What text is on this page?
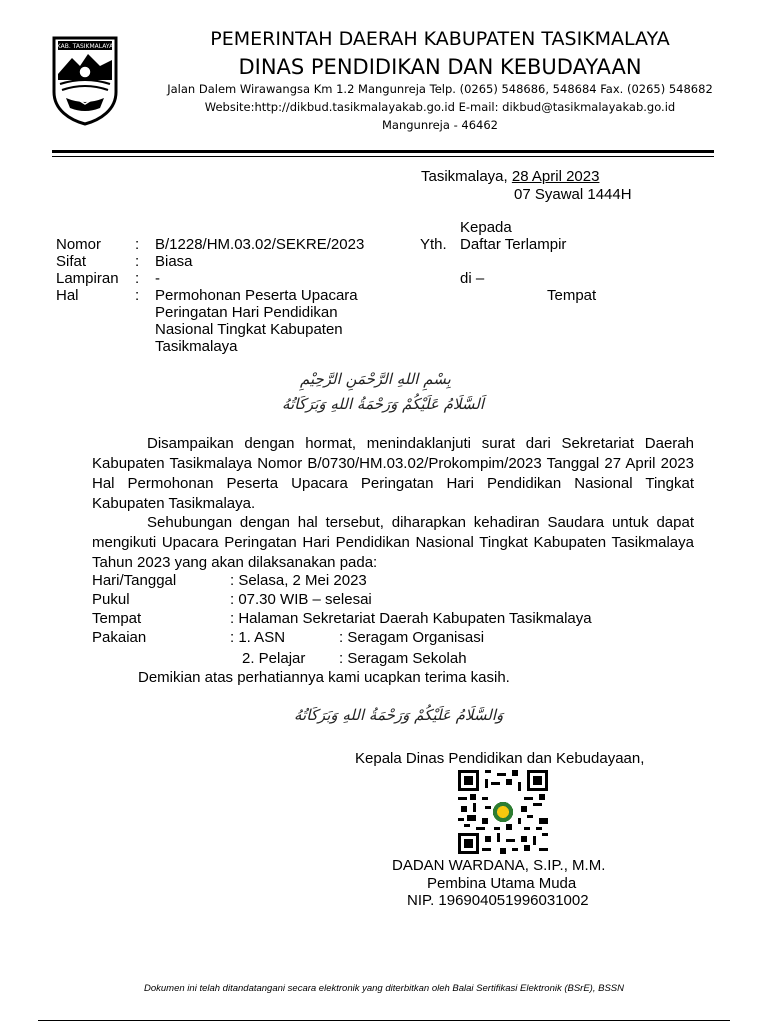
KAB. TASIKMALAYA	PEMERINTAH DAERAH KABUPATEN TASIKMALAYA
DINAS PENDIDIKAN DAN KEBUDAYAAN
Jalan Dalem Wirawangsa Km 1.2 Mangunreja Telp. (0265) 548686, 548684 Fax. (0265) 548682
Website:http://dikbud.tasikmalayakab.go.id E-mail: dikbud@tasikmalayakab.go.id
Mangunreja - 46462
Tasikmalaya, 28 April 2023
07 Syawal 1444H
Kepada
Yth. Daftar Terlampir
di –
Tempat
Nomor : B/1228/HM.03.02/SEKRE/2023
Sifat	: Biasa
Lampiran : -
Hal	: Permohonan Peserta Upacara
Peringatan Hari Pendidikan
Nasional Tingkat Kabupaten
Tasikmalaya
بِسْمِ اللهِ الرَّحْمَنِ الرَّحِيْمِ
اَلسَّلَامُ عَلَيْكُمْ وَرَحْمَةُ اللهِ وَبَرَكَاتُهُ
Disampaikan dengan hormat, menindaklanjuti surat dari Sekretariat Daerah Kabupaten Tasikmalaya Nomor B/0730/HM.03.02/Prokompim/2023 Tanggal 27 April 2023 Hal Permohonan Peserta Upacara Peringatan Hari Pendidikan Nasional Tingkat Kabupaten Tasikmalaya.
Sehubungan dengan hal tersebut, diharapkan kehadiran Saudara untuk dapat mengikuti Upacara Peringatan Hari Pendidikan Nasional Tingkat Kabupaten Tasikmalaya Tahun 2023 yang akan dilaksanakan pada:
Hari/Tanggal	: Selasa, 2 Mei 2023
Pukul	: 07.30 WIB – selesai
Tempat	: Halaman Sekretariat Daerah Kabupaten Tasikmalaya
Pakaian	: 1. ASN	: Seragam Organisasi
2. Pelajar : Seragam Sekolah
Demikian atas perhatiannya kami ucapkan terima kasih.
وَالسَّلَامُ عَلَيْكُمْ وَرَحْمَةُ اللهِ وَبَرَكَاتُهُ
Kepala Dinas Pendidikan dan Kebudayaan,
DADAN WARDANA, S.IP., M.M.
Pembina Utama Muda
NIP. 196904051996031002
Dokumen ini telah ditandatangani secara elektronik yang diterbitkan oleh Balai Sertifikasi Elektronik (BSrE), BSSN
